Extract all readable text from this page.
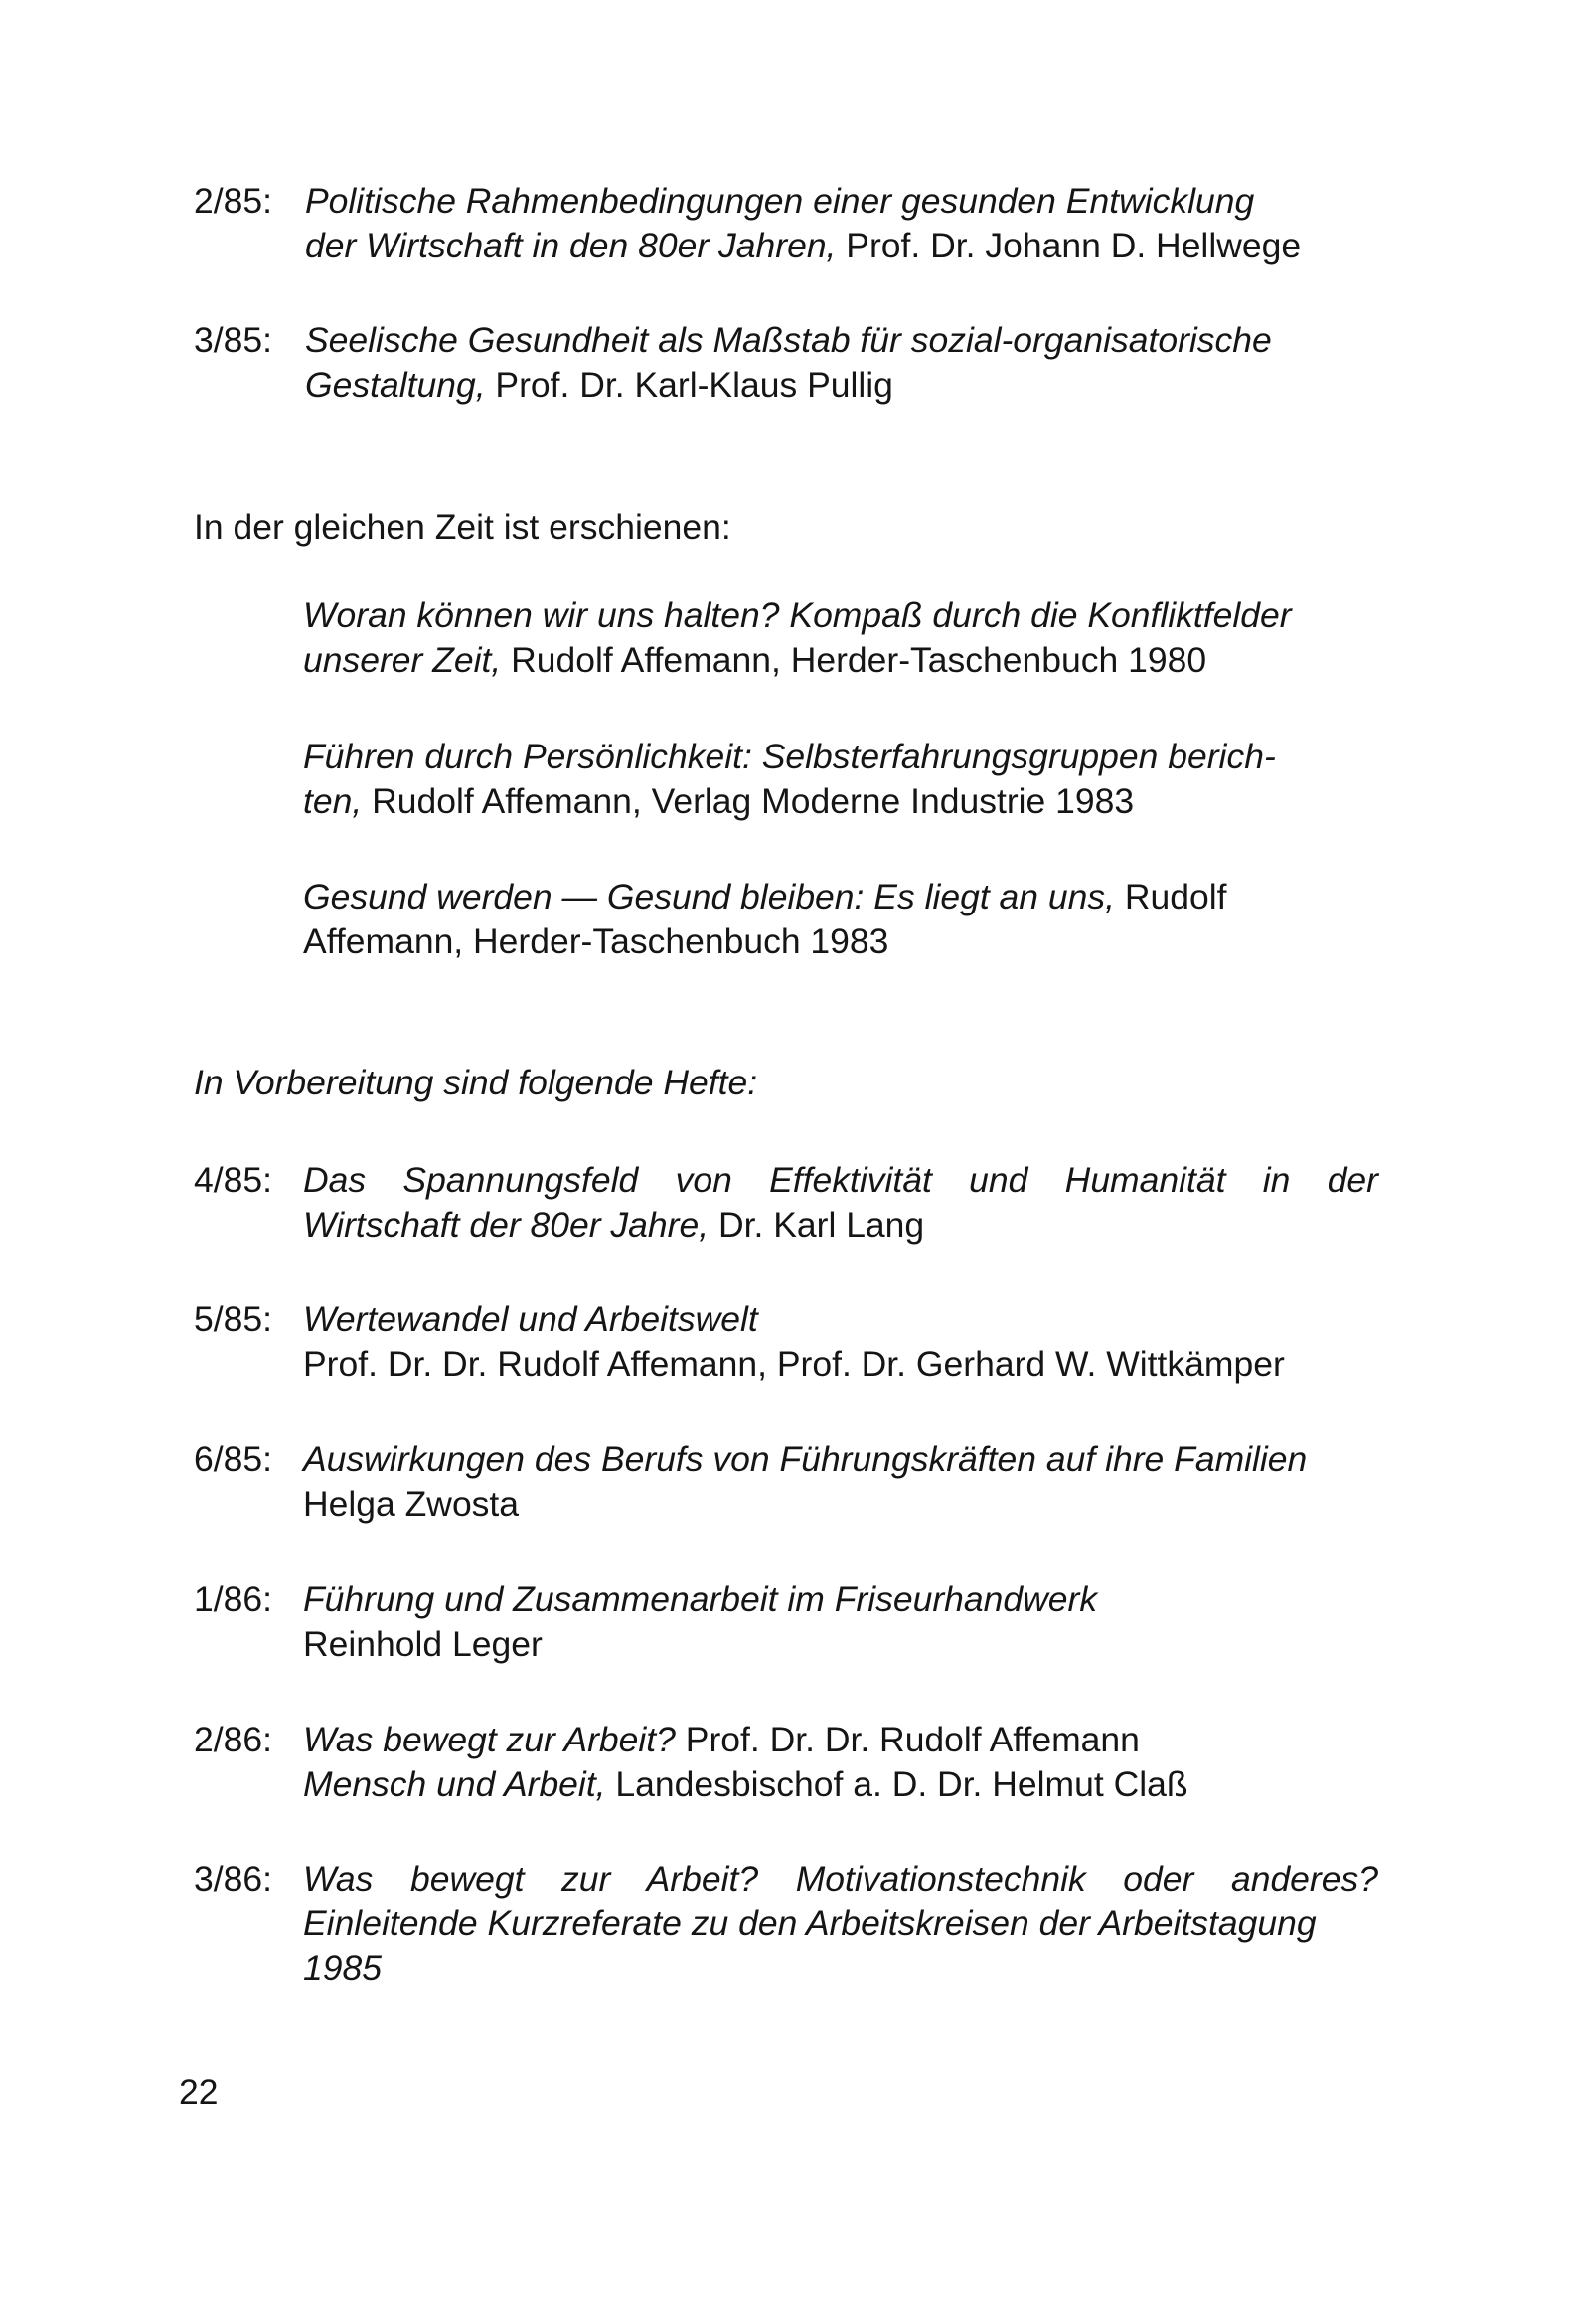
2/85: Politische Rahmenbedingungen einer gesunden Entwicklung
der Wirtschaft in den 80er Jahren, Prof. Dr. Johann D. Hellwege
3/85: Seelische Gesundheit als Maßstab für sozial-organisatorische
Gestaltung, Prof. Dr. Karl-Klaus Pullig
In der gleichen Zeit ist erschienen:
Woran können wir uns halten? Kompaß durch die Konfliktfelder
unserer Zeit, Rudolf Affemann, Herder-Taschenbuch 1980
Führen durch Persönlichkeit: Selbsterfahrungsgruppen berich-
ten, Rudolf Affemann, Verlag Moderne Industrie 1983
Gesund werden — Gesund bleiben: Es liegt an uns, Rudolf
Affemann, Herder-Taschenbuch 1983
In Vorbereitung sind folgende Hefte:
4/85: Das Spannungsfeld von Effektivität und Humanität in der
Wirtschaft der 80er Jahre, Dr. Karl Lang
5/85: Wertewandel und Arbeitswelt
Prof. Dr. Dr. Rudolf Affemann, Prof. Dr. Gerhard W. Wittkämper
6/85: Auswirkungen des Berufs von Führungskräften auf ihre Familien
Helga Zwosta
1/86: Führung und Zusammenarbeit im Friseurhandwerk
Reinhold Leger
2/86: Was bewegt zur Arbeit? Prof. Dr. Dr. Rudolf Affemann
Mensch und Arbeit, Landesbischof a. D. Dr. Helmut Claß
3/86: Was bewegt zur Arbeit? Motivationstechnik oder anderes?
Einleitende Kurzreferate zu den Arbeitskreisen der Arbeitstagung
1985
22
